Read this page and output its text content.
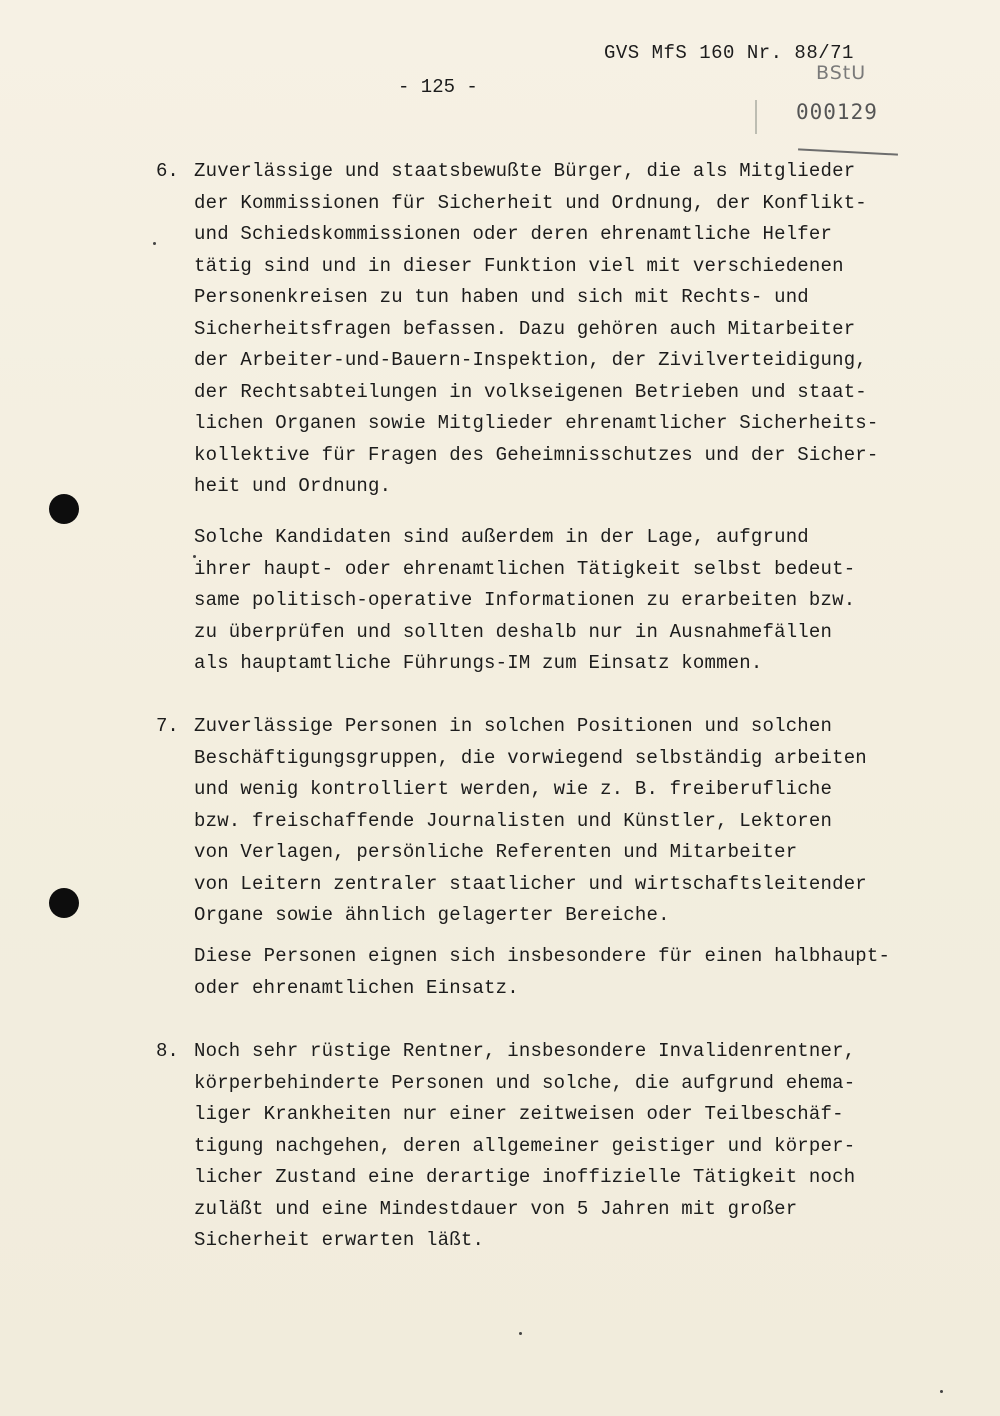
GVS MfS 160 Nr. 88/71
- 125 -
BStU
000129
6. Zuverlässige und staatsbewußte Bürger, die als Mitglieder
der Kommissionen für Sicherheit und Ordnung, der Konflikt-
und Schiedskommissionen oder deren ehrenamtliche Helfer
tätig sind und in dieser Funktion viel mit verschiedenen
Personenkreisen zu tun haben und sich mit Rechts- und
Sicherheitsfragen befassen. Dazu gehören auch Mitarbeiter
der Arbeiter-und-Bauern-Inspektion, der Zivilverteidigung,
der Rechtsabteilungen in volkseigenen Betrieben und staat-
lichen Organen sowie Mitglieder ehrenamtlicher Sicherheits-
kollektive für Fragen des Geheimnisschutzes und der Sicher-
heit und Ordnung.
Solche Kandidaten sind außerdem in der Lage, aufgrund
ihrer haupt- oder ehrenamtlichen Tätigkeit selbst bedeut-
same politisch-operative Informationen zu erarbeiten bzw.
zu überprüfen und sollten deshalb nur in Ausnahmefällen
als hauptamtliche Führungs-IM zum Einsatz kommen.
7. Zuverlässige Personen in solchen Positionen und solchen
Beschäftigungsgruppen, die vorwiegend selbständig arbeiten
und wenig kontrolliert werden, wie z. B. freiberufliche
bzw. freischaffende Journalisten und Künstler, Lektoren
von Verlagen, persönliche Referenten und Mitarbeiter
von Leitern zentraler staatlicher und wirtschaftsleitender
Organe sowie ähnlich gelagerter Bereiche.
Diese Personen eignen sich insbesondere für einen halbhaupt-
oder ehrenamtlichen Einsatz.
8. Noch sehr rüstige Rentner, insbesondere Invalidenrentner,
körperbehinderte Personen und solche, die aufgrund ehema-
liger Krankheiten nur einer zeitweisen oder Teilbeschäf-
tigung nachgehen, deren allgemeiner geistiger und körper-
licher Zustand eine derartige inoffizielle Tätigkeit noch
zuläßt und eine Mindestdauer von 5 Jahren mit großer
Sicherheit erwarten läßt.
